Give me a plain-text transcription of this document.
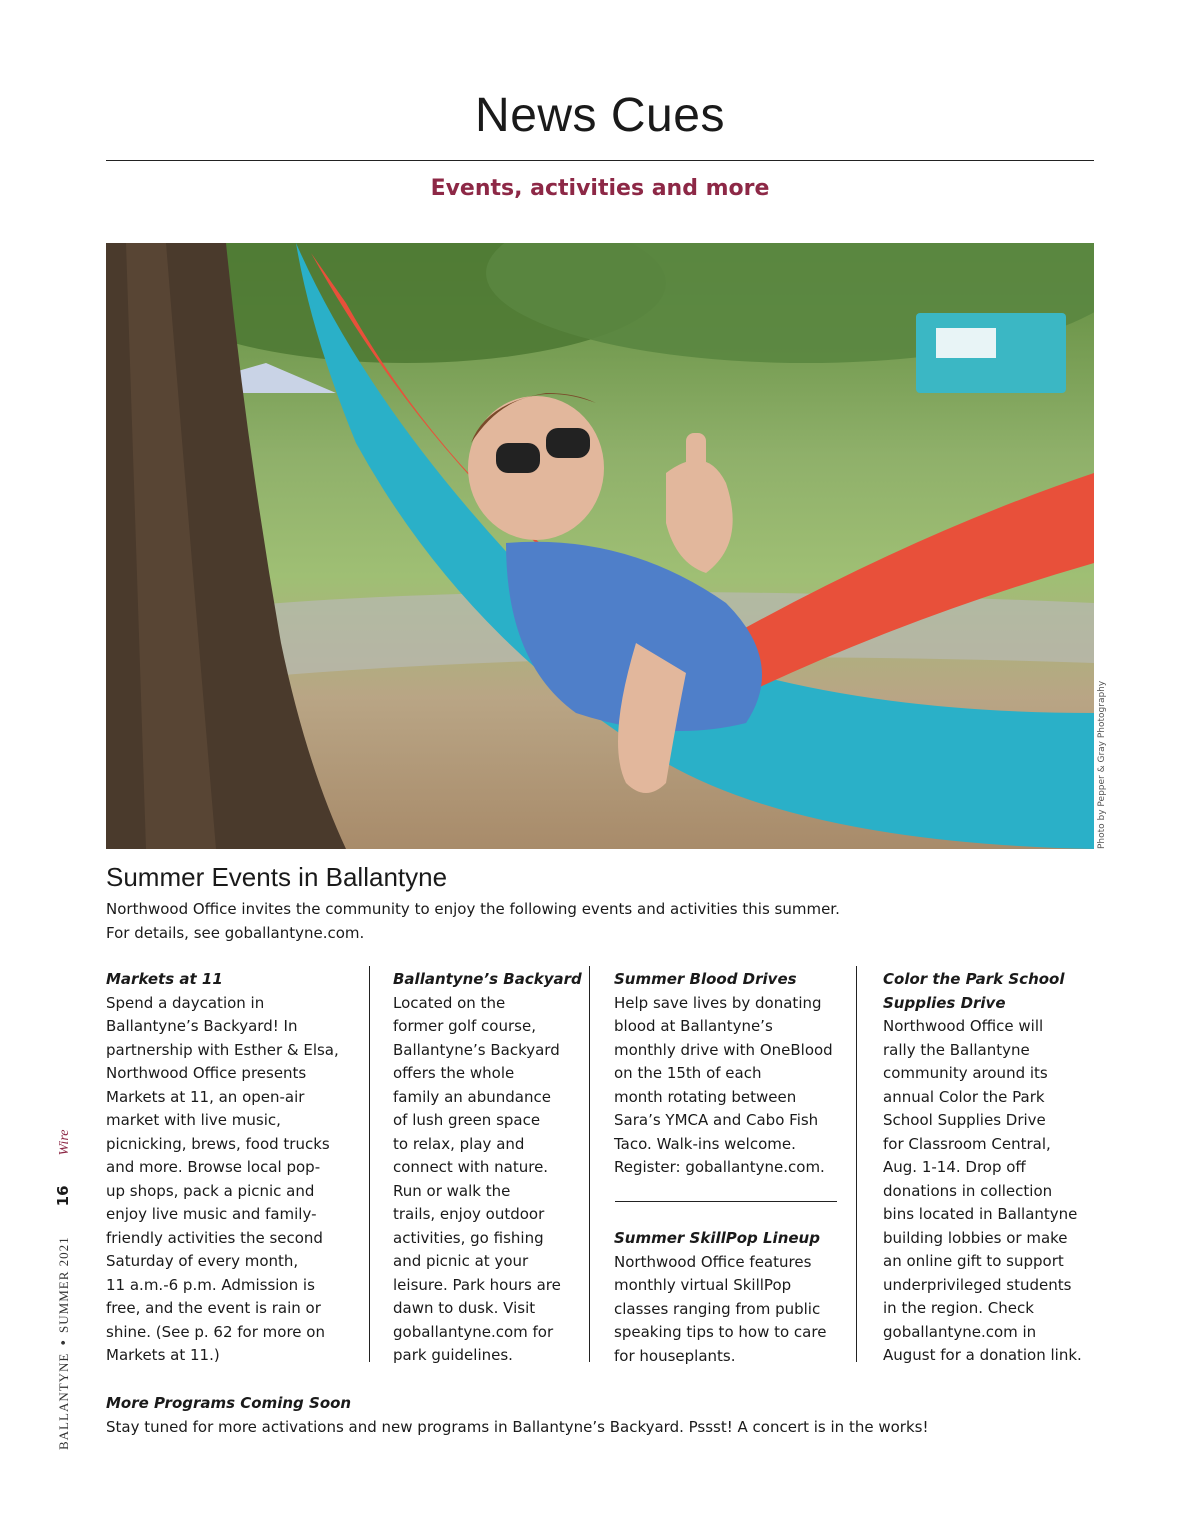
News Cues
Events, activities and more
Photo by Pepper & Gray Photography
Summer Events in Ballantyne
Northwood Office invites the community to enjoy the following events and activities this summer.
For details, see goballantyne.com.
Markets at 11

Spend a daycation in

Ballantyne’s Backyard! In

partnership with Esther & Elsa,

Northwood Office presents

Markets at 11, an open-air

market with live music,

picnicking, brews, food trucks

and more. Browse local pop-

up shops, pack a picnic and

enjoy live music and family-

friendly activities the second

Saturday of every month,

11 a.m.-6 p.m. Admission is

free, and the event is rain or

shine. (See p. 62 for more on

Markets at 11.)

Ballantyne’s Backyard

Located on the

former golf course,

Ballantyne’s Backyard

offers the whole

family an abundance

of lush green space

to relax, play and

connect with nature.

Run or walk the

trails, enjoy outdoor

activities, go fishing

and picnic at your

leisure. Park hours are

dawn to dusk. Visit

goballantyne.com for

park guidelines.

Summer Blood Drives

Help save lives by donating

blood at Ballantyne’s

monthly drive with OneBlood

on the 15th of each

month rotating between

Sara’s YMCA and Cabo Fish

Taco. Walk-ins welcome.

Register: goballantyne.com.

Summer SkillPop Lineup

Northwood Office features

monthly virtual SkillPop

classes ranging from public

speaking tips to how to care

for houseplants.

Color the Park School
Supplies Drive

Northwood Office will

rally the Ballantyne

community around its

annual Color the Park

School Supplies Drive

for Classroom Central,

Aug. 1-14. Drop off

donations in collection

bins located in Ballantyne

building lobbies or make

an online gift to support

underprivileged students

in the region. Check

goballantyne.com in

August for a donation link.

More Programs Coming Soon

Stay tuned for more activations and new programs in Ballantyne’s Backyard. Pssst! A concert is in the works!

BALLANTYNE•SUMMER 202116Wire
